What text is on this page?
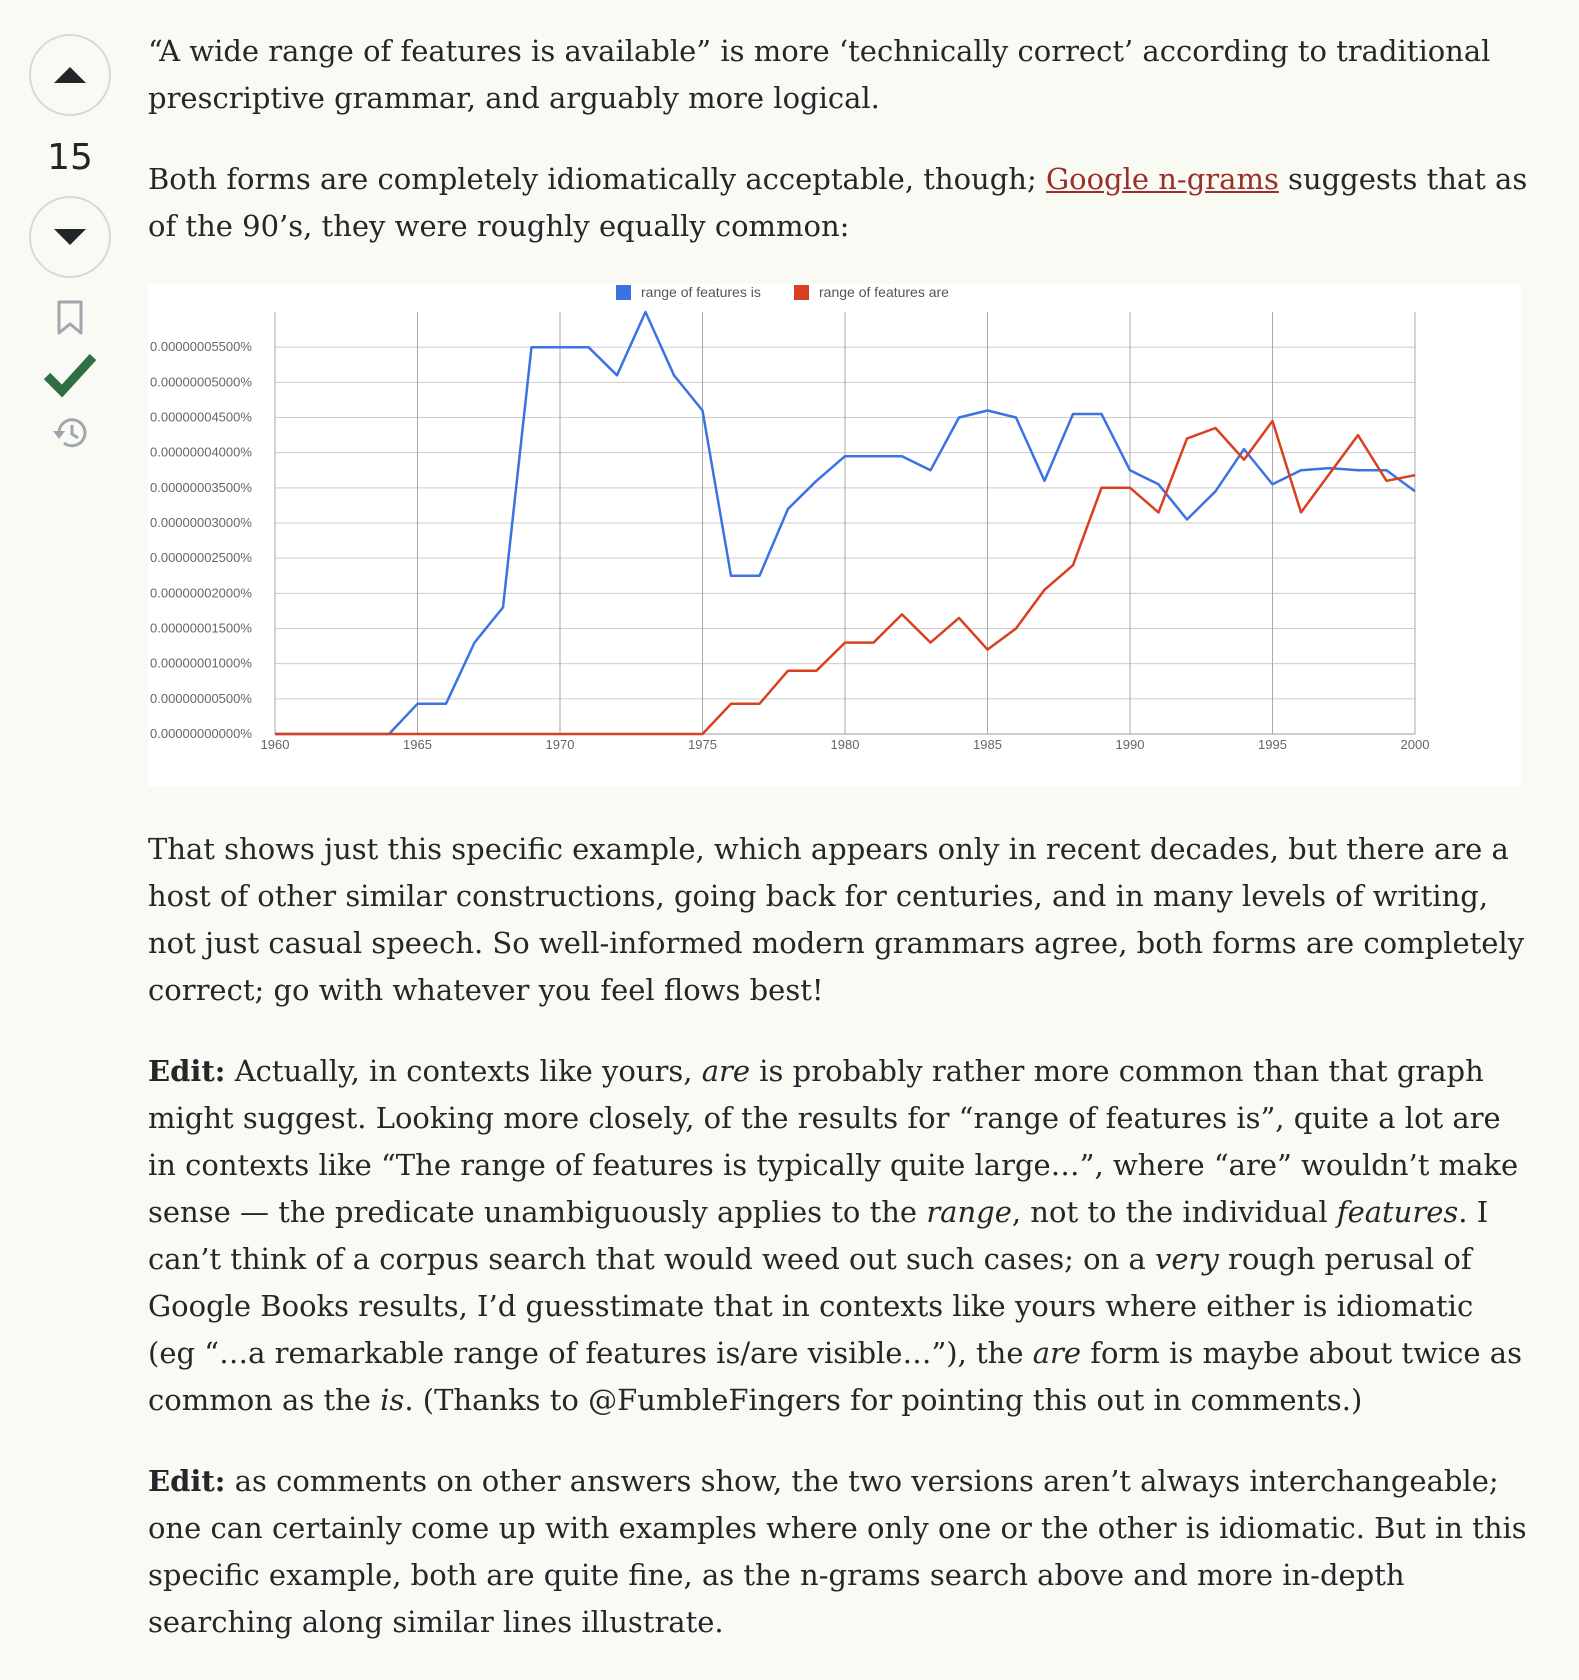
15

“A wide range of features is available” is more ‘technically correct’ according to traditional prescriptive grammar, and arguably more logical.

Both forms are completely idiomatically acceptable, though; Google n-grams suggests that as of the 90’s, they were roughly equally common:

0.00000000000%
0.00000000500%
0.00000001000%
0.00000001500%
0.00000002000%
0.00000002500%
0.00000003000%
0.00000003500%
0.00000004000%
0.00000004500%
0.00000005000%
0.00000005500%
1960	1965	1970	1975	1980	1985	1990	1995	2000
range of features is	range of features are

That shows just this specific example, which appears only in recent decades, but there are a host of other similar constructions, going back for centuries, and in many levels of writing, not just casual speech. So well-informed modern grammars agree, both forms are completely correct; go with whatever you feel flows best!

Edit: Actually, in contexts like yours, are is probably rather more common than that graph might suggest. Looking more closely, of the results for “range of features is”, quite a lot are in contexts like “The range of features is typically quite large…”, where “are” wouldn’t make sense — the predicate unambiguously applies to the range, not to the individual features. I can’t think of a corpus search that would weed out such cases; on a very rough perusal of Google Books results, I’d guesstimate that in contexts like yours where either is idiomatic (eg “…a remarkable range of features is/are visible…”), the are form is maybe about twice as common as the is. (Thanks to @FumbleFingers for pointing this out in comments.)

Edit: as comments on other answers show, the two versions aren’t always interchangeable; one can certainly come up with examples where only one or the other is idiomatic. But in this specific example, both are quite fine, as the n-grams search above and more in-depth searching along similar lines illustrate.
